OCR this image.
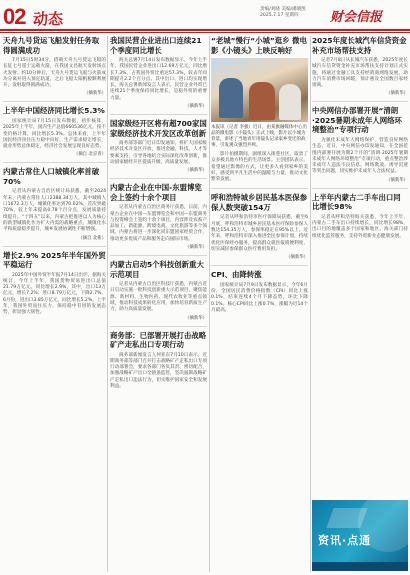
02 动态
责编/刘晓 美编/潘晓凯
2025.7.17 星期四	财会信报
天舟九号货运飞船发射任务取得圆满成功

7月15日5时34分，搭载天舟九号货运飞船的长征七号遥十运载火箭，在我国文昌航天发射场点火发射。约10分钟后，天舟九号货运飞船与火箭成功分离并进入预定轨道，之后飞船太阳帆板顺利展开，发射取得圆满成功。

（摘新华）

上半年中国经济同比增长5.3%

国家统计局7月15日发布数据，初步核算，2025年上半年，国内生产总值660536亿元，按不变价格计算，同比增长5.3%。总体来看，上半年国民经济顶住压力稳中向好，生产需求稳定增长，就业形势总体稳定，经济社会发展呈现良好态势。

（摘自 北京青）

内蒙古常住人口城镇化率首破70%

记者从内蒙古自治区统计局获悉，截至2024年末，内蒙古常住人口2388.34万人，其中城镇人口1672.3万人，城镇化率达到70.02%，首次突破70%，较上年末提高0.78个百分点，发展质量持续提升。“十四五”以来，内蒙古把推进以人为核心的新型城镇化作为扩大内需的战略重点，城镇化水平和质量稳步提升，城乡发展协调性不断增强。

（摘自 北新）

增长2.9% 2025年半年国外贸平稳运行

2025年中国外贸半年报7月14日出炉。据海关统计，今年上半年，我国货物贸易进出口总值21.79万亿元，同比增长2.9%，其中，出口13万亿元，增长7.2%；进口8.79万亿元，下降2.7%。6月份，进出口3.85万亿元，同比增长5.2%。上半年，我国外贸顶住压力，保持稳中有进的发展态势，彰显强大韧性。

我国民营企业进出口连续21个季度同比增长

海关总署7月14日发布数据显示，今年上半年，我国民营企业进出口12.69万亿元，同比增长7.3%，占我国外贸比重达57.3%，较去年同期提升2.2个百分点。其中出口、进口均实现增长。海关总署新闻发言人表示，民营企业外贸已连续21个季度保持同比增长，是稳外贸的重要力量。

（摘新华）

国家级经开区将有超700家国家级经济技术开发区改革创新

商务部等部门近日印发通知，将扩大国家级经济技术开发区开放，推进金融、科技、人才等要素支持，引导各地结合实际深化改革创新，推动国家级经开区提质升级、高质量发展。

（摘新华）

内蒙古企业在中国-东盟博览会上签约十余个项目

记者从内蒙古自治区商务厅获悉，日前，内蒙古企业在中国—东盟博览会和中国—东盟商务与投资峰会上签约十余个项目，内容涉及农畜产品加工、新能源、跨境电商、文化旅游等多个领域。内蒙古将进一步深化同东盟国家经贸合作，推动更多优质产品和服务走向国际市场。

（摘新华）

内蒙古启动5个科技创新重大示范项目

记者从内蒙古自治区科技厅获悉，内蒙古近日启动实施一批科技创新重大示范项目，聚焦能源、新材料、生物医药、现代农牧业等重点领域，推动科技成果转化应用，加快培育新质生产力，助力高质量发展。

（摘新华）

商务部：已部署开展打击战略矿产走私出口专项行动

商务部新闻发言人何亚东7月10日表示，近期商务部等部门召开打击战略矿产走私出口专项行动部署会，要求各部门各负其责、密切配合，加强战略矿产出口全链条监管，坚决遏制战略矿产走私出口违法行为，切实维护国家安全和发展利益。

“老城”慢行“小城”逛乡 微电影《小镜头》上映反响好

本报讯（记者 李强）近日，由某旗融媒体中心出品的微电影《小镜头》正式上映，影片以小城为背景，讲述了当地青年用镜头记录家乡变迁的故事，引发观众强烈共鸣。

影片拍摄期间，剧组深入街巷社区，取景了众多极具地方特色的生活场景。主创团队表示，希望通过影像的方式，让更多人看到家乡的美好，感受到平凡生活中的温暖与力量，推动文化繁荣发展。

呼和浩特城乡居民基本医保参保人数突破154万

记者从呼和浩特市医疗保障局获悉，截至6月底，呼和浩特市城乡居民基本医疗保险参保人数达154.35万人，参保率稳定在95%以上。近年来，呼和浩特市深入推进全民参保计划，持续优化医保经办服务，提高群众就医报销便利度，切实减轻参保群众医疗费用负担。

（摘新华）

CPI、由降转涨

国家统计局7月9日发布数据显示，今年6月份，全国居民消费价格指数（CPI）同比上涨0.1%，结束连续4个月下降态势，环比下降0.1%。核心CPI同比上涨0.7%，涨幅为近14个月最高。

2025年度长城汽车信贷资金补充市场帮扶支持

记者7月8日从长城汽车获悉，2025年度长城汽车信贷资金补充市场帮扶支持计划正式实施，将通过金融工具支持经销商网络发展，助力汽车消费市场回暖，预计惠及全国数百家经销商。

（摘新华）

中央网信办部署开展“清朗·2025暑期未成年人网络环境整治”专项行动

为强化未成年人网络保护，营造良好网络生态，近日，中央网信办印发通知，在全国范围内部署开展为期2个月的“清朗·2025年暑期未成年人网络环境整治”专项行动，重点整治涉未成年人违法不良信息、网络欺凌、诱导沉迷等突出问题，切实维护未成年人合法权益。

（摘新华）

上半年内蒙古二手车出口同比增长98%

记者从呼和浩特海关获悉，今年上半年，内蒙古二手车出口持续增长，同比增长98%，出口目的地覆盖多个国家和地区。海关部门持续优化监管服务，支持外贸新业态健康发展。

资讯·点通
